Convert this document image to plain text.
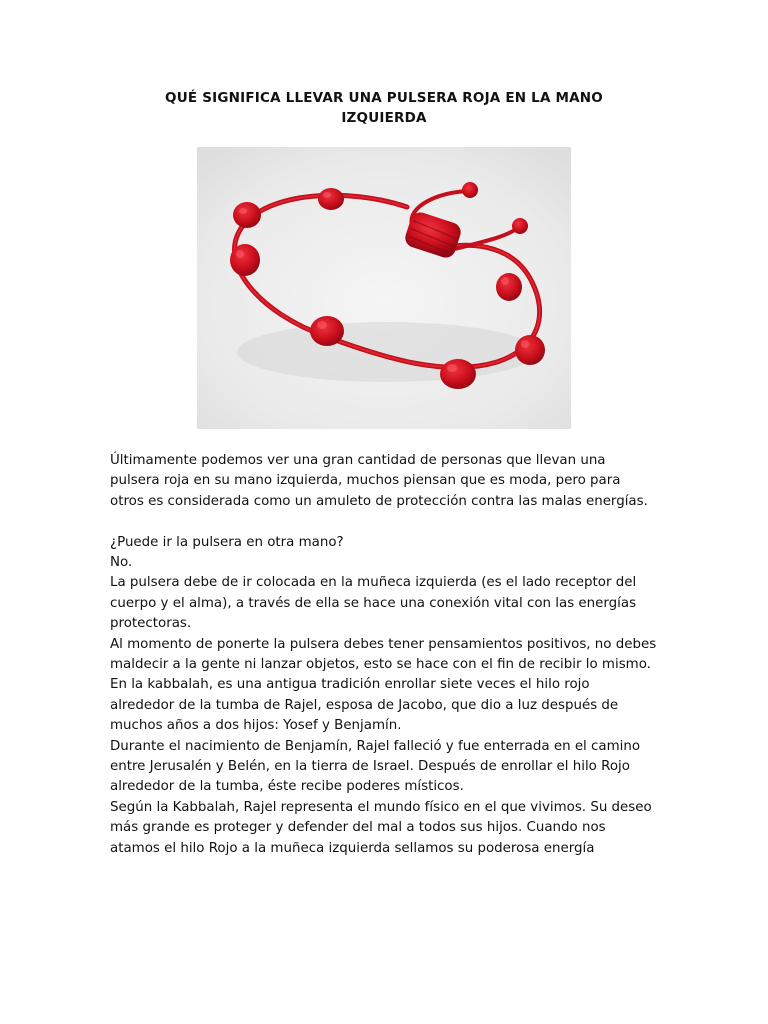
QUÉ SIGNIFICA LLEVAR UNA PULSERA ROJA EN LA MANO
IZQUIERDA

Últimamente podemos ver una gran cantidad de personas que llevan una pulsera roja en su mano izquierda, muchos piensan que es moda, pero para otros es considerada como un amuleto de protección contra las malas energías.

¿Puede ir la pulsera en otra mano?

No.

La pulsera debe de ir colocada en la muñeca izquierda (es el lado receptor del cuerpo y el alma), a través de ella se hace una conexión vital con las energías protectoras.

Al momento de ponerte la pulsera debes tener pensamientos positivos, no debes maldecir a la gente ni lanzar objetos, esto se hace con el fin de recibir lo mismo.

En la kabbalah, es una antigua tradición enrollar siete veces el hilo rojo alrededor de la tumba de Rajel, esposa de Jacobo, que dio a luz después de muchos años a dos hijos: Yosef y Benjamín.

Durante el nacimiento de Benjamín, Rajel falleció y fue enterrada en el camino entre Jerusalén y Belén, en la tierra de Israel. Después de enrollar el hilo Rojo alrededor de la tumba, éste recibe poderes místicos.

Según la Kabbalah, Rajel representa el mundo físico en el que vivimos. Su deseo más grande es proteger y defender del mal a todos sus hijos. Cuando nos atamos el hilo Rojo a la muñeca izquierda sellamos su poderosa energía
